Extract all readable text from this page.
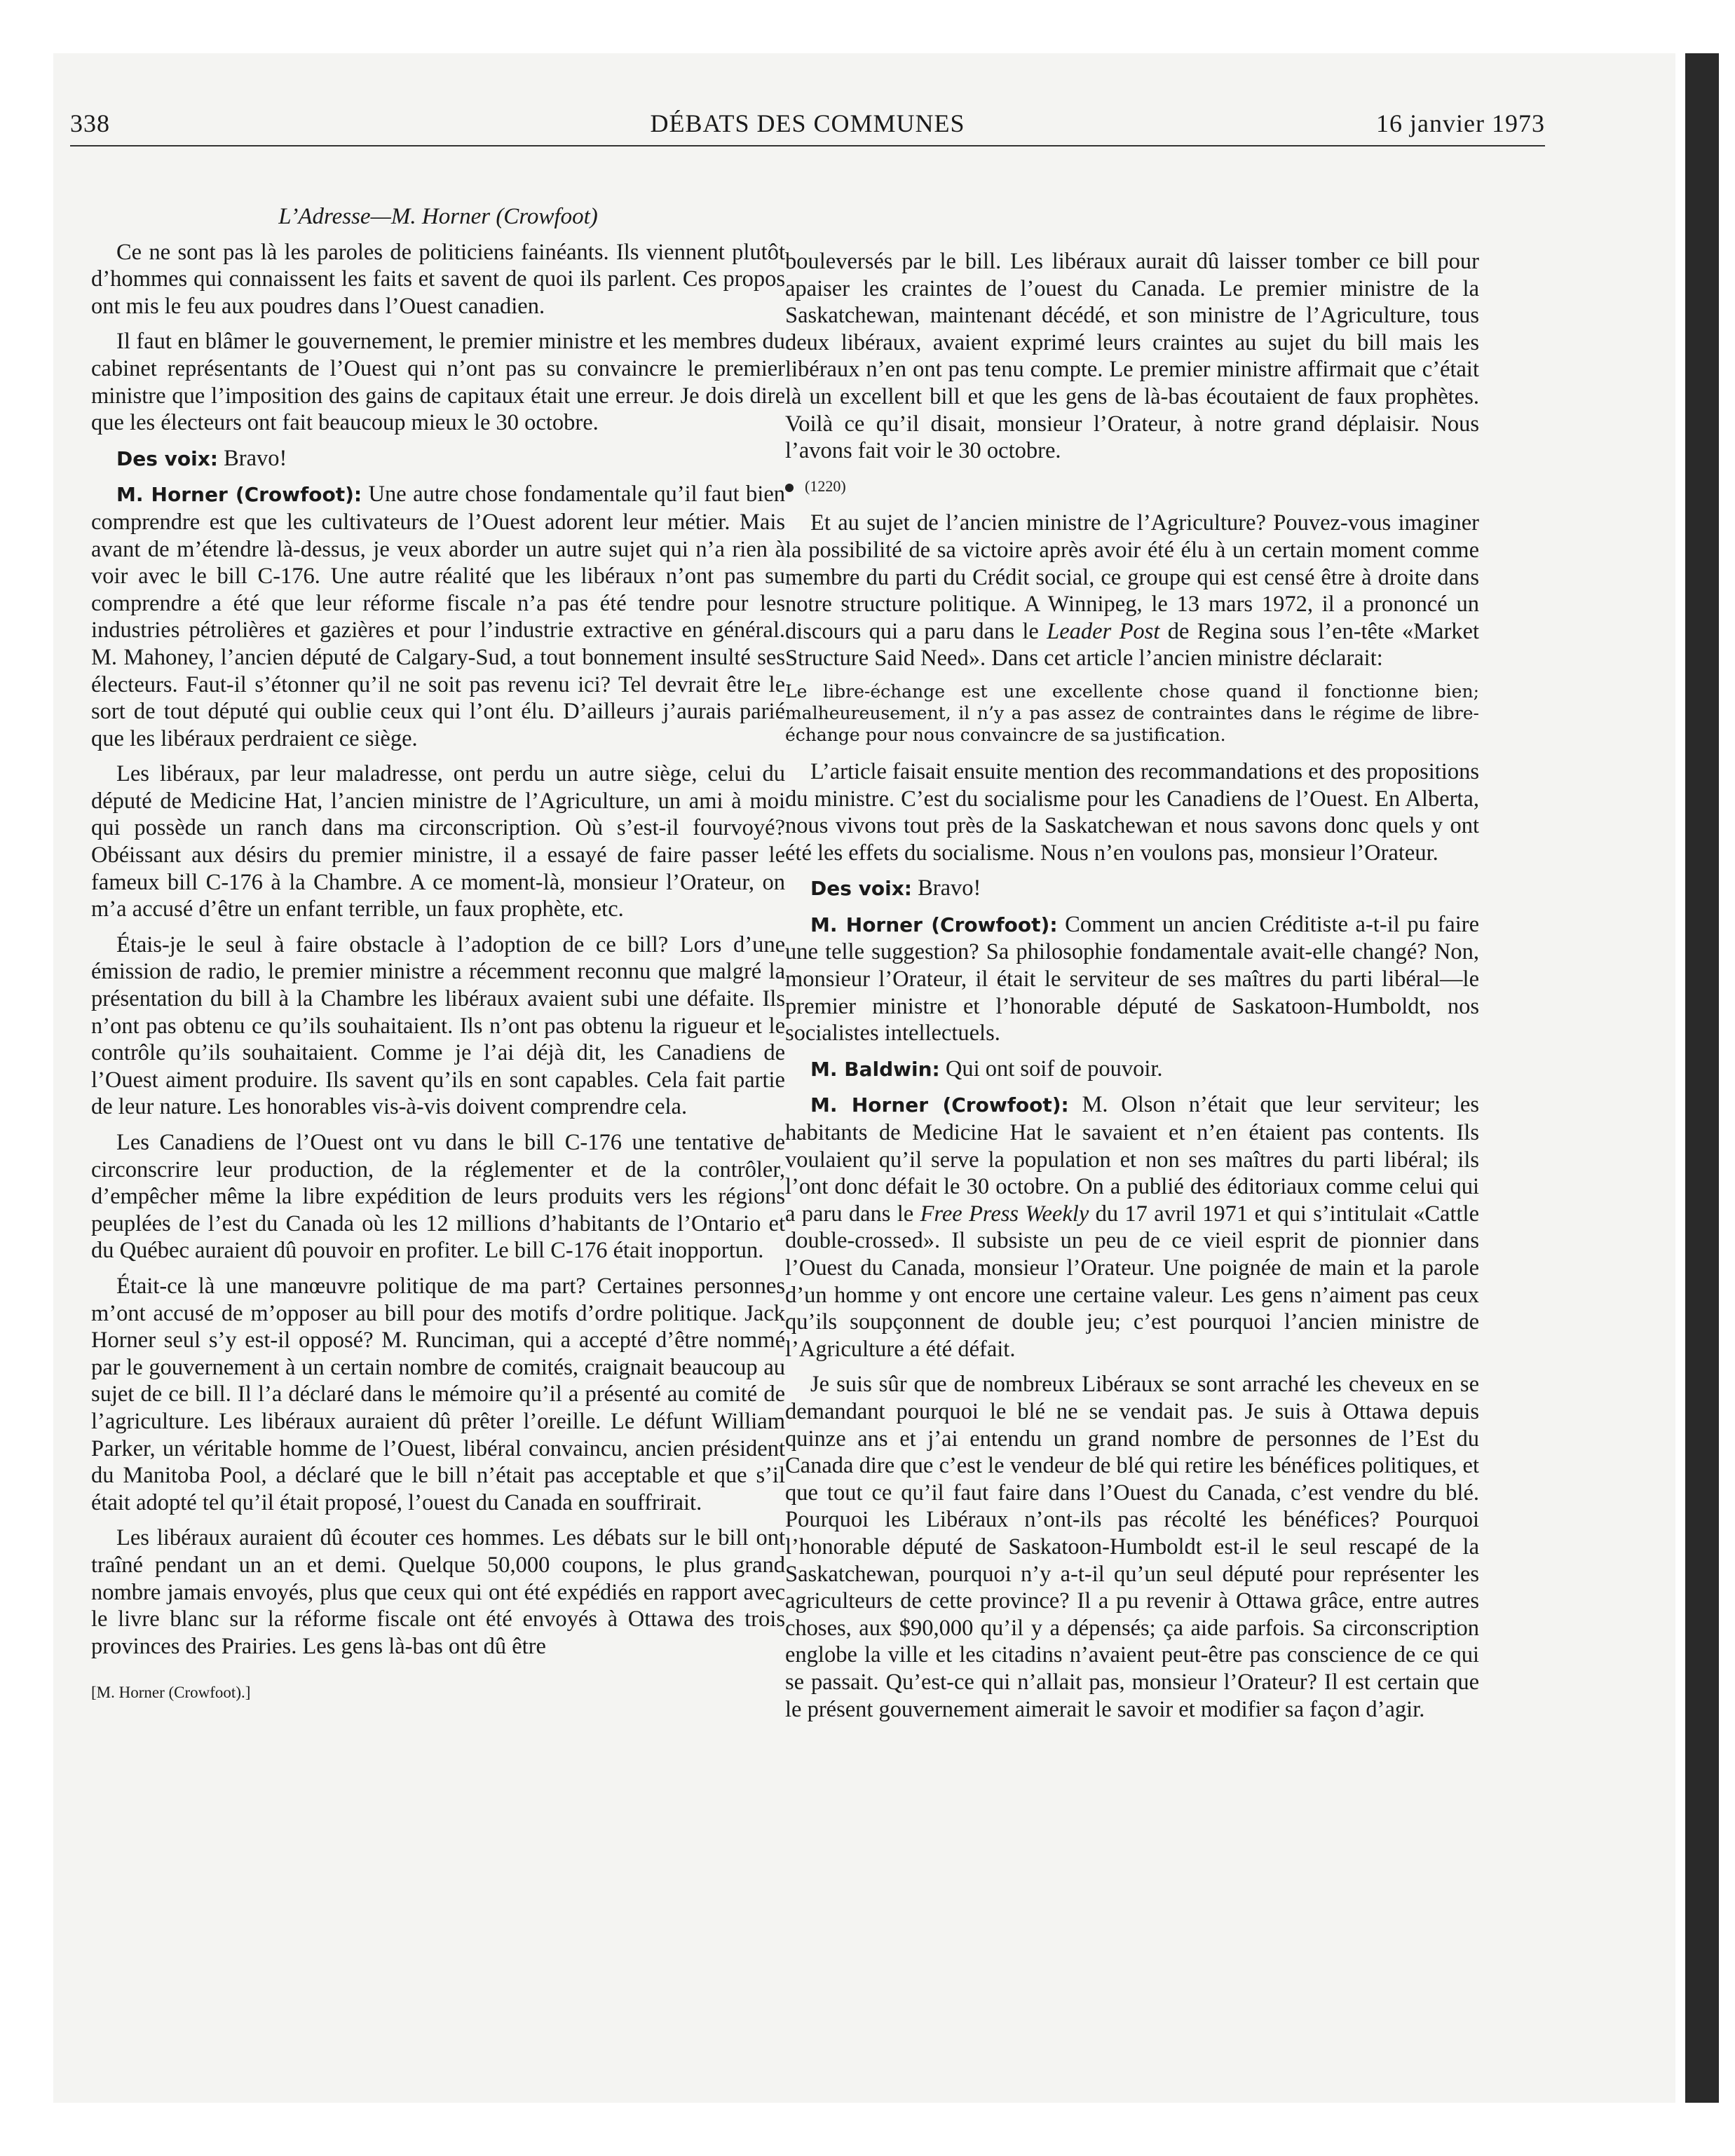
338	DÉBATS DES COMMUNES	16 janvier 1973

L’Adresse—M. Horner (Crowfoot)

Ce ne sont pas là les paroles de politiciens fainéants. Ils viennent plutôt d’hommes qui connaissent les faits et savent de quoi ils parlent. Ces propos ont mis le feu aux poudres dans l’Ouest canadien.

Il faut en blâmer le gouvernement, le premier ministre et les membres du cabinet représentants de l’Ouest qui n’ont pas su convaincre le premier ministre que l’imposition des gains de capitaux était une erreur. Je dois dire que les électeurs ont fait beaucoup mieux le 30 octobre.

Des voix: Bravo!

M. Horner (Crowfoot): Une autre chose fondamentale qu’il faut bien comprendre est que les cultivateurs de l’Ouest adorent leur métier. Mais avant de m’étendre là-dessus, je veux aborder un autre sujet qui n’a rien à voir avec le bill C-176. Une autre réalité que les libéraux n’ont pas su comprendre a été que leur réforme fiscale n’a pas été tendre pour les industries pétrolières et gazières et pour l’industrie extractive en général. M. Mahoney, l’ancien député de Calgary-Sud, a tout bonnement insulté ses électeurs. Faut-il s’étonner qu’il ne soit pas revenu ici? Tel devrait être le sort de tout député qui oublie ceux qui l’ont élu. D’ailleurs j’aurais parié que les libéraux perdraient ce siège.

Les libéraux, par leur maladresse, ont perdu un autre siège, celui du député de Medicine Hat, l’ancien ministre de l’Agriculture, un ami à moi qui possède un ranch dans ma circonscription. Où s’est-il fourvoyé? Obéissant aux désirs du premier ministre, il a essayé de faire passer le fameux bill C-176 à la Chambre. A ce moment-là, monsieur l’Orateur, on m’a accusé d’être un enfant terrible, un faux prophète, etc.

Étais-je le seul à faire obstacle à l’adoption de ce bill? Lors d’une émission de radio, le premier ministre a récemment reconnu que malgré la présentation du bill à la Chambre les libéraux avaient subi une défaite. Ils n’ont pas obtenu ce qu’ils souhaitaient. Ils n’ont pas obtenu la rigueur et le contrôle qu’ils souhaitaient. Comme je l’ai déjà dit, les Canadiens de l’Ouest aiment produire. Ils savent qu’ils en sont capables. Cela fait partie de leur nature. Les honorables vis-à-vis doivent comprendre cela.

Les Canadiens de l’Ouest ont vu dans le bill C-176 une tentative de circonscrire leur production, de la réglementer et de la contrôler, d’empêcher même la libre expédition de leurs produits vers les régions peuplées de l’est du Canada où les 12 millions d’habitants de l’Ontario et du Québec auraient dû pouvoir en profiter. Le bill C-176 était inopportun.

Était-ce là une manœuvre politique de ma part? Certaines personnes m’ont accusé de m’opposer au bill pour des motifs d’ordre politique. Jack Horner seul s’y est-il opposé? M. Runciman, qui a accepté d’être nommé par le gouvernement à un certain nombre de comités, craignait beaucoup au sujet de ce bill. Il l’a déclaré dans le mémoire qu’il a présenté au comité de l’agriculture. Les libéraux auraient dû prêter l’oreille. Le défunt William Parker, un véritable homme de l’Ouest, libéral convaincu, ancien président du Manitoba Pool, a déclaré que le bill n’était pas acceptable et que s’il était adopté tel qu’il était proposé, l’ouest du Canada en souffrirait.

Les libéraux auraient dû écouter ces hommes. Les débats sur le bill ont traîné pendant un an et demi. Quelque 50,000 coupons, le plus grand nombre jamais envoyés, plus que ceux qui ont été expédiés en rapport avec le livre blanc sur la réforme fiscale ont été envoyés à Ottawa des trois provinces des Prairies. Les gens là-bas ont dû être

[M. Horner (Crowfoot).]

bouleversés par le bill. Les libéraux aurait dû laisser tomber ce bill pour apaiser les craintes de l’ouest du Canada. Le premier ministre de la Saskatchewan, maintenant décédé, et son ministre de l’Agriculture, tous deux libéraux, avaient exprimé leurs craintes au sujet du bill mais les libéraux n’en ont pas tenu compte. Le premier ministre affirmait que c’était là un excellent bill et que les gens de là-bas écoutaient de faux prophètes. Voilà ce qu’il disait, monsieur l’Orateur, à notre grand déplaisir. Nous l’avons fait voir le 30 octobre.

(1220)

Et au sujet de l’ancien ministre de l’Agriculture? Pouvez-vous imaginer la possibilité de sa victoire après avoir été élu à un certain moment comme membre du parti du Crédit social, ce groupe qui est censé être à droite dans notre structure politique. A Winnipeg, le 13 mars 1972, il a prononcé un discours qui a paru dans le Leader Post de Regina sous l’en-tête «Market Structure Said Need». Dans cet article l’ancien ministre déclarait:

Le libre-échange est une excellente chose quand il fonctionne bien; malheureusement, il n’y a pas assez de contraintes dans le régime de libre-échange pour nous convaincre de sa justification.

L’article faisait ensuite mention des recommandations et des propositions du ministre. C’est du socialisme pour les Canadiens de l’Ouest. En Alberta, nous vivons tout près de la Saskatchewan et nous savons donc quels y ont été les effets du socialisme. Nous n’en voulons pas, monsieur l’Orateur.

Des voix: Bravo!

M. Horner (Crowfoot): Comment un ancien Créditiste a-t-il pu faire une telle suggestion? Sa philosophie fondamentale avait-elle changé? Non, monsieur l’Orateur, il était le serviteur de ses maîtres du parti libéral—le premier ministre et l’honorable député de Saskatoon-Humboldt, nos socialistes intellectuels.

M. Baldwin: Qui ont soif de pouvoir.

M. Horner (Crowfoot): M. Olson n’était que leur serviteur; les habitants de Medicine Hat le savaient et n’en étaient pas contents. Ils voulaient qu’il serve la population et non ses maîtres du parti libéral; ils l’ont donc défait le 30 octobre. On a publié des éditoriaux comme celui qui a paru dans le Free Press Weekly du 17 avril 1971 et qui s’intitulait «Cattle double-crossed». Il subsiste un peu de ce vieil esprit de pionnier dans l’Ouest du Canada, monsieur l’Orateur. Une poignée de main et la parole d’un homme y ont encore une certaine valeur. Les gens n’aiment pas ceux qu’ils soupçonnent de double jeu; c’est pourquoi l’ancien ministre de l’Agriculture a été défait.

Je suis sûr que de nombreux Libéraux se sont arraché les cheveux en se demandant pourquoi le blé ne se vendait pas. Je suis à Ottawa depuis quinze ans et j’ai entendu un grand nombre de personnes de l’Est du Canada dire que c’est le vendeur de blé qui retire les bénéfices politiques, et que tout ce qu’il faut faire dans l’Ouest du Canada, c’est vendre du blé. Pourquoi les Libéraux n’ont-ils pas récolté les bénéfices? Pourquoi l’honorable député de Saskatoon-Humboldt est-il le seul rescapé de la Saskatchewan, pourquoi n’y a-t-il qu’un seul député pour représenter les agriculteurs de cette province? Il a pu revenir à Ottawa grâce, entre autres choses, aux $90,000 qu’il y a dépensés; ça aide parfois. Sa circonscription englobe la ville et les citadins n’avaient peut-être pas conscience de ce qui se passait. Qu’est-ce qui n’allait pas, monsieur l’Orateur? Il est certain que le présent gouvernement aimerait le savoir et modifier sa façon d’agir.
